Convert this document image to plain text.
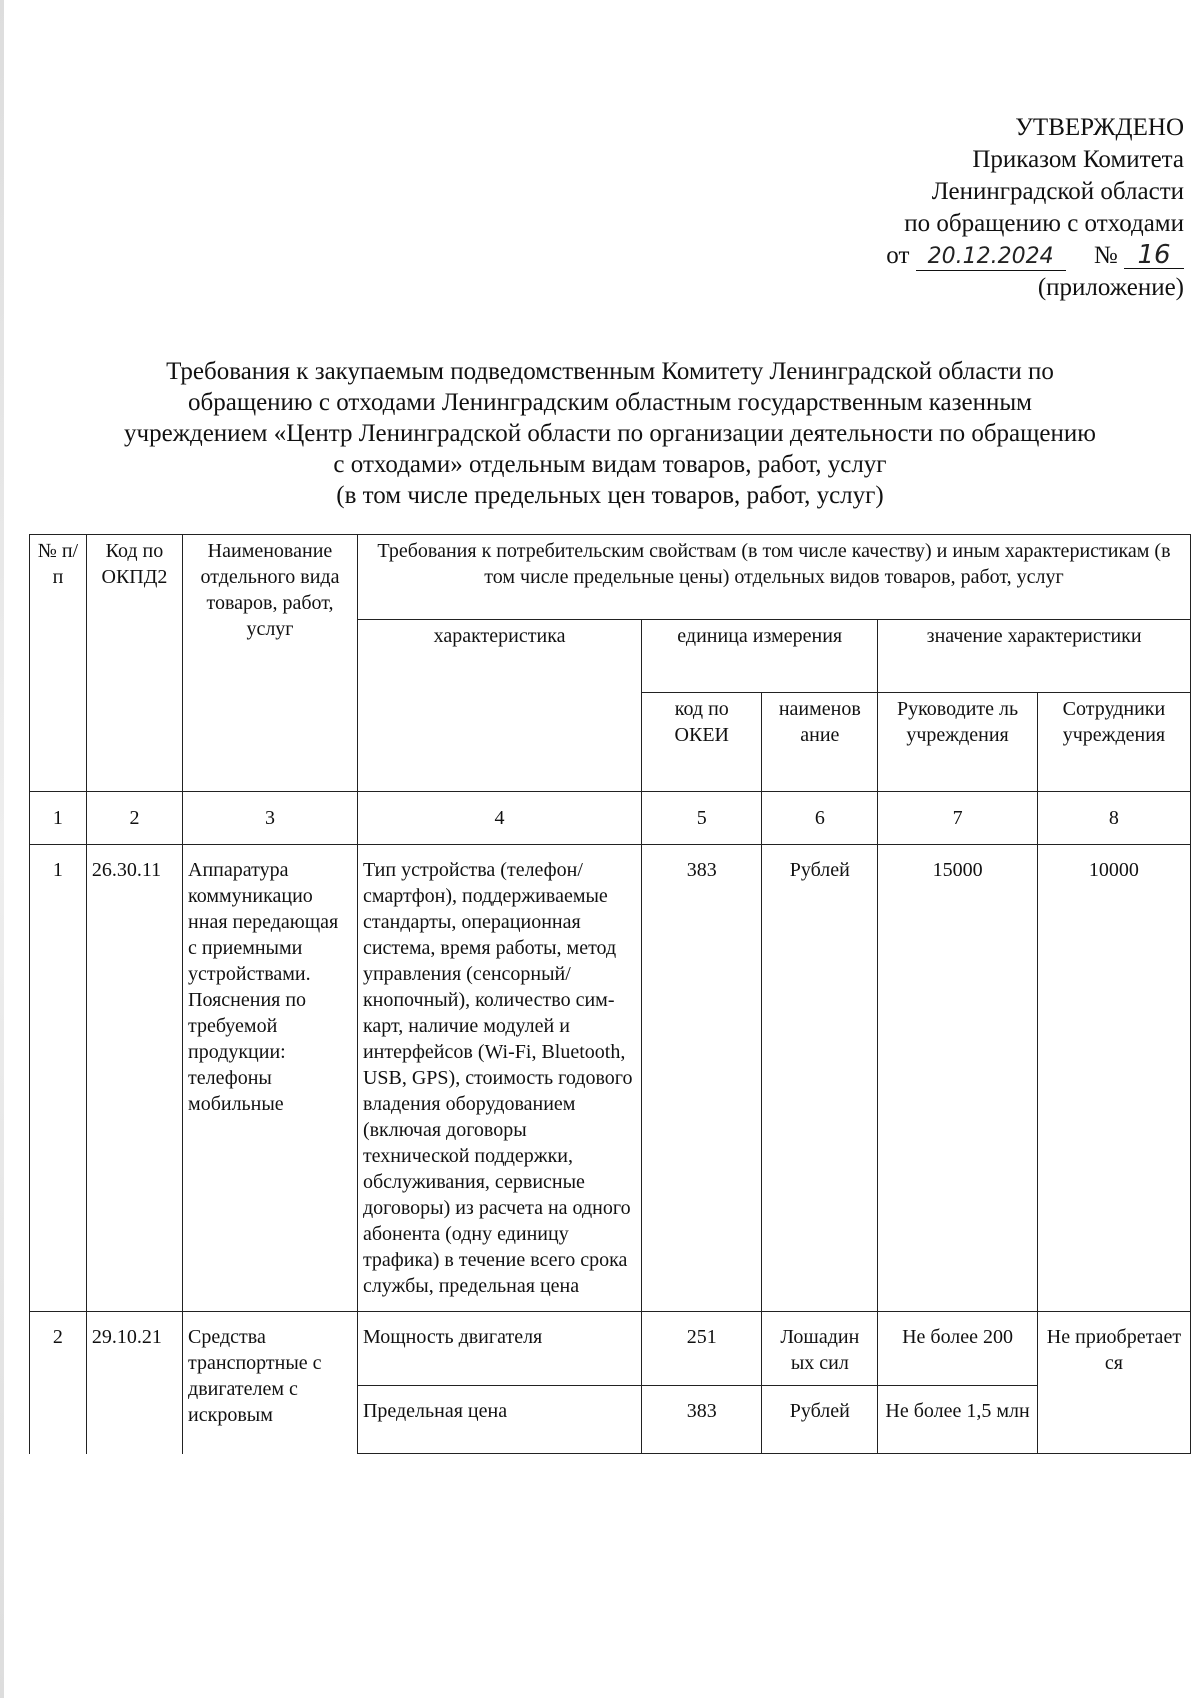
УТВЕРЖДЕНО
Приказом Комитета
Ленинградской области
по обращению с отходами
от 20.12.2024 № 16
(приложение)
Требования к закупаемым подведомственным Комитету Ленинградской области по
обращению с отходами Ленинградским областным государственным казенным
учреждением «Центр Ленинградской области по организации деятельности по обращению
с отходами» отдельным видам товаров, работ, услуг
(в том числе предельных цен товаров, работ, услуг)
№ п/п	Код по ОКПД2	Наименование отдельного вида товаров, работ, услуг	Требования к потребительским свойствам (в том числе качеству) и иным характеристикам (в том числе предельные цены) отдельных видов товаров, работ, услуг				
			характеристика	единица измерения		значение характеристики	
				код по ОКЕИ	наименов ание	Руководите ль учреждения	Сотрудники учреждения
1	2	3	4	5	6	7	8
1	26.30.11	Аппаратура коммуникацио нная передающая с приемными устройствами. Пояснения по требуемой продукции: телефоны мобильные	Тип устройства (телефон/смартфон), поддерживаемые стандарты, операционная система, время работы, метод управления (сенсорный/кнопочный), количество сим-карт, наличие модулей и интерфейсов (Wi-Fi, Bluetooth, USB, GPS), стоимость годового владения оборудованием (включая договоры технической поддержки, обслуживания, сервисные договоры) из расчета на одного абонента (одну единицу трафика) в течение всего срока службы, предельная цена	383	Рублей	15000	10000
2	29.10.21	Средства транспортные с двигателем с искровым	Мощность двигателя	251	Лошадин ых сил	Не более 200	Не приобретает ся
			Предельная цена	383	Рублей	Не более 1,5 млн	
